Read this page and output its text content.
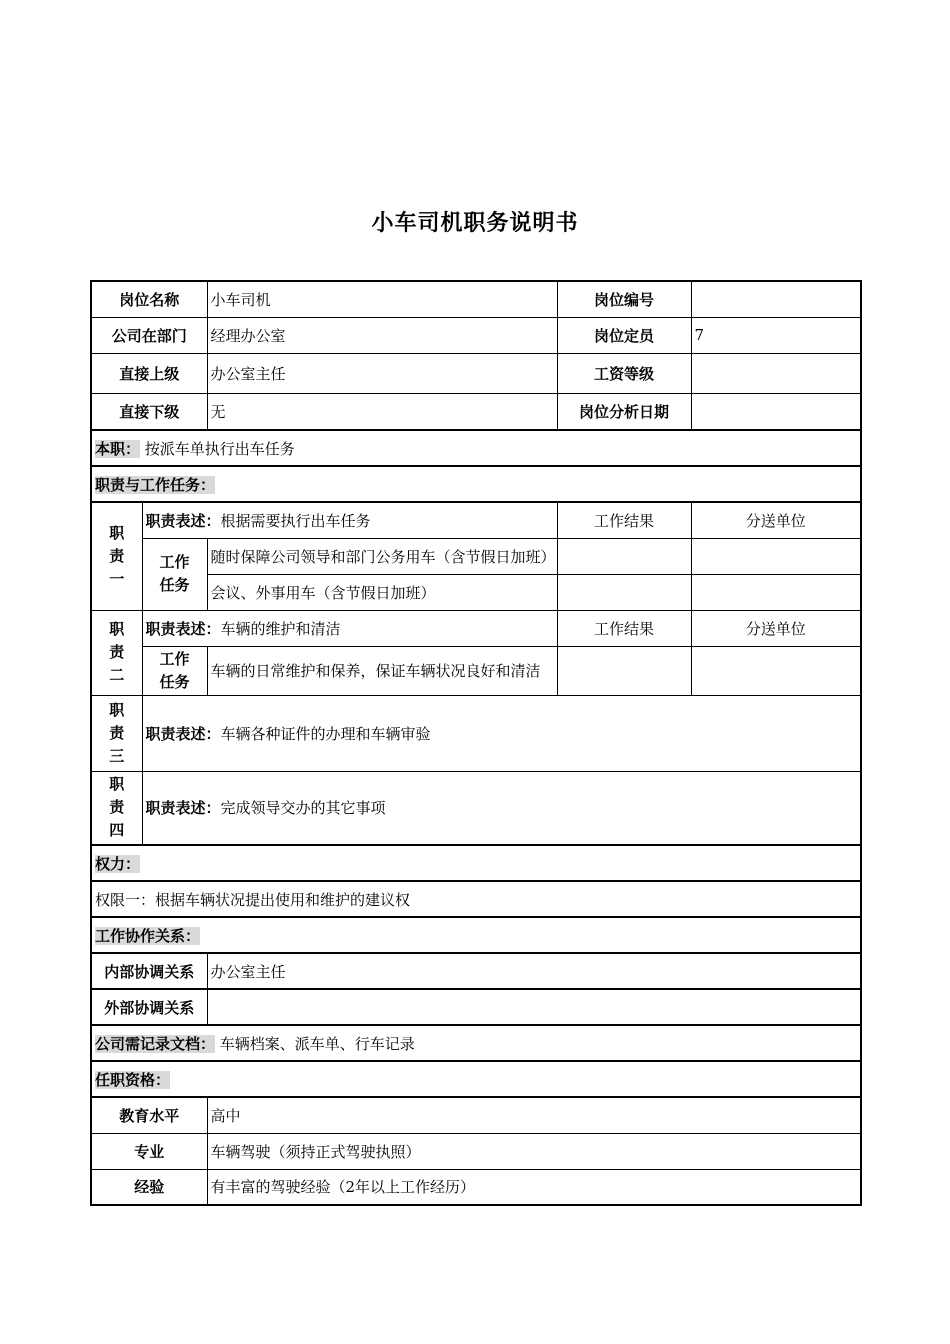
小车司机职务说明书
岗位名称		小车司机	岗位编号	
公司在部门		经理办公室	岗位定员	7
直接上级		办公室主任	工资等级	
直接下级		无	岗位分析日期	
本职： 按派车单执行出车任务				
职责与工作任务：				
职
责
一	职责表述：根据需要执行出车任务		工作结果	分送单位
	工作
任务	随时保障公司领导和部门公务用车（含节假日加班）		
		会议、外事用车（含节假日加班）		
职
责
二	职责表述：车辆的维护和清洁		工作结果	分送单位
	工作
任务	车辆的日常维护和保养，保证车辆状况良好和清洁		
职
责
三	职责表述：车辆各种证件的办理和车辆审验			
职
责
四	职责表述：完成领导交办的其它事项			
权力：				
权限一：根据车辆状况提出使用和维护的建议权				
工作协作关系：				
内部协调关系		办公室主任		
外部协调关系				
公司需记录文档： 车辆档案、派车单、行车记录				
任职资格：				
教育水平		高中		
专业		车辆驾驶（须持正式驾驶执照）		
经验		有丰富的驾驶经验（2年以上工作经历）		
